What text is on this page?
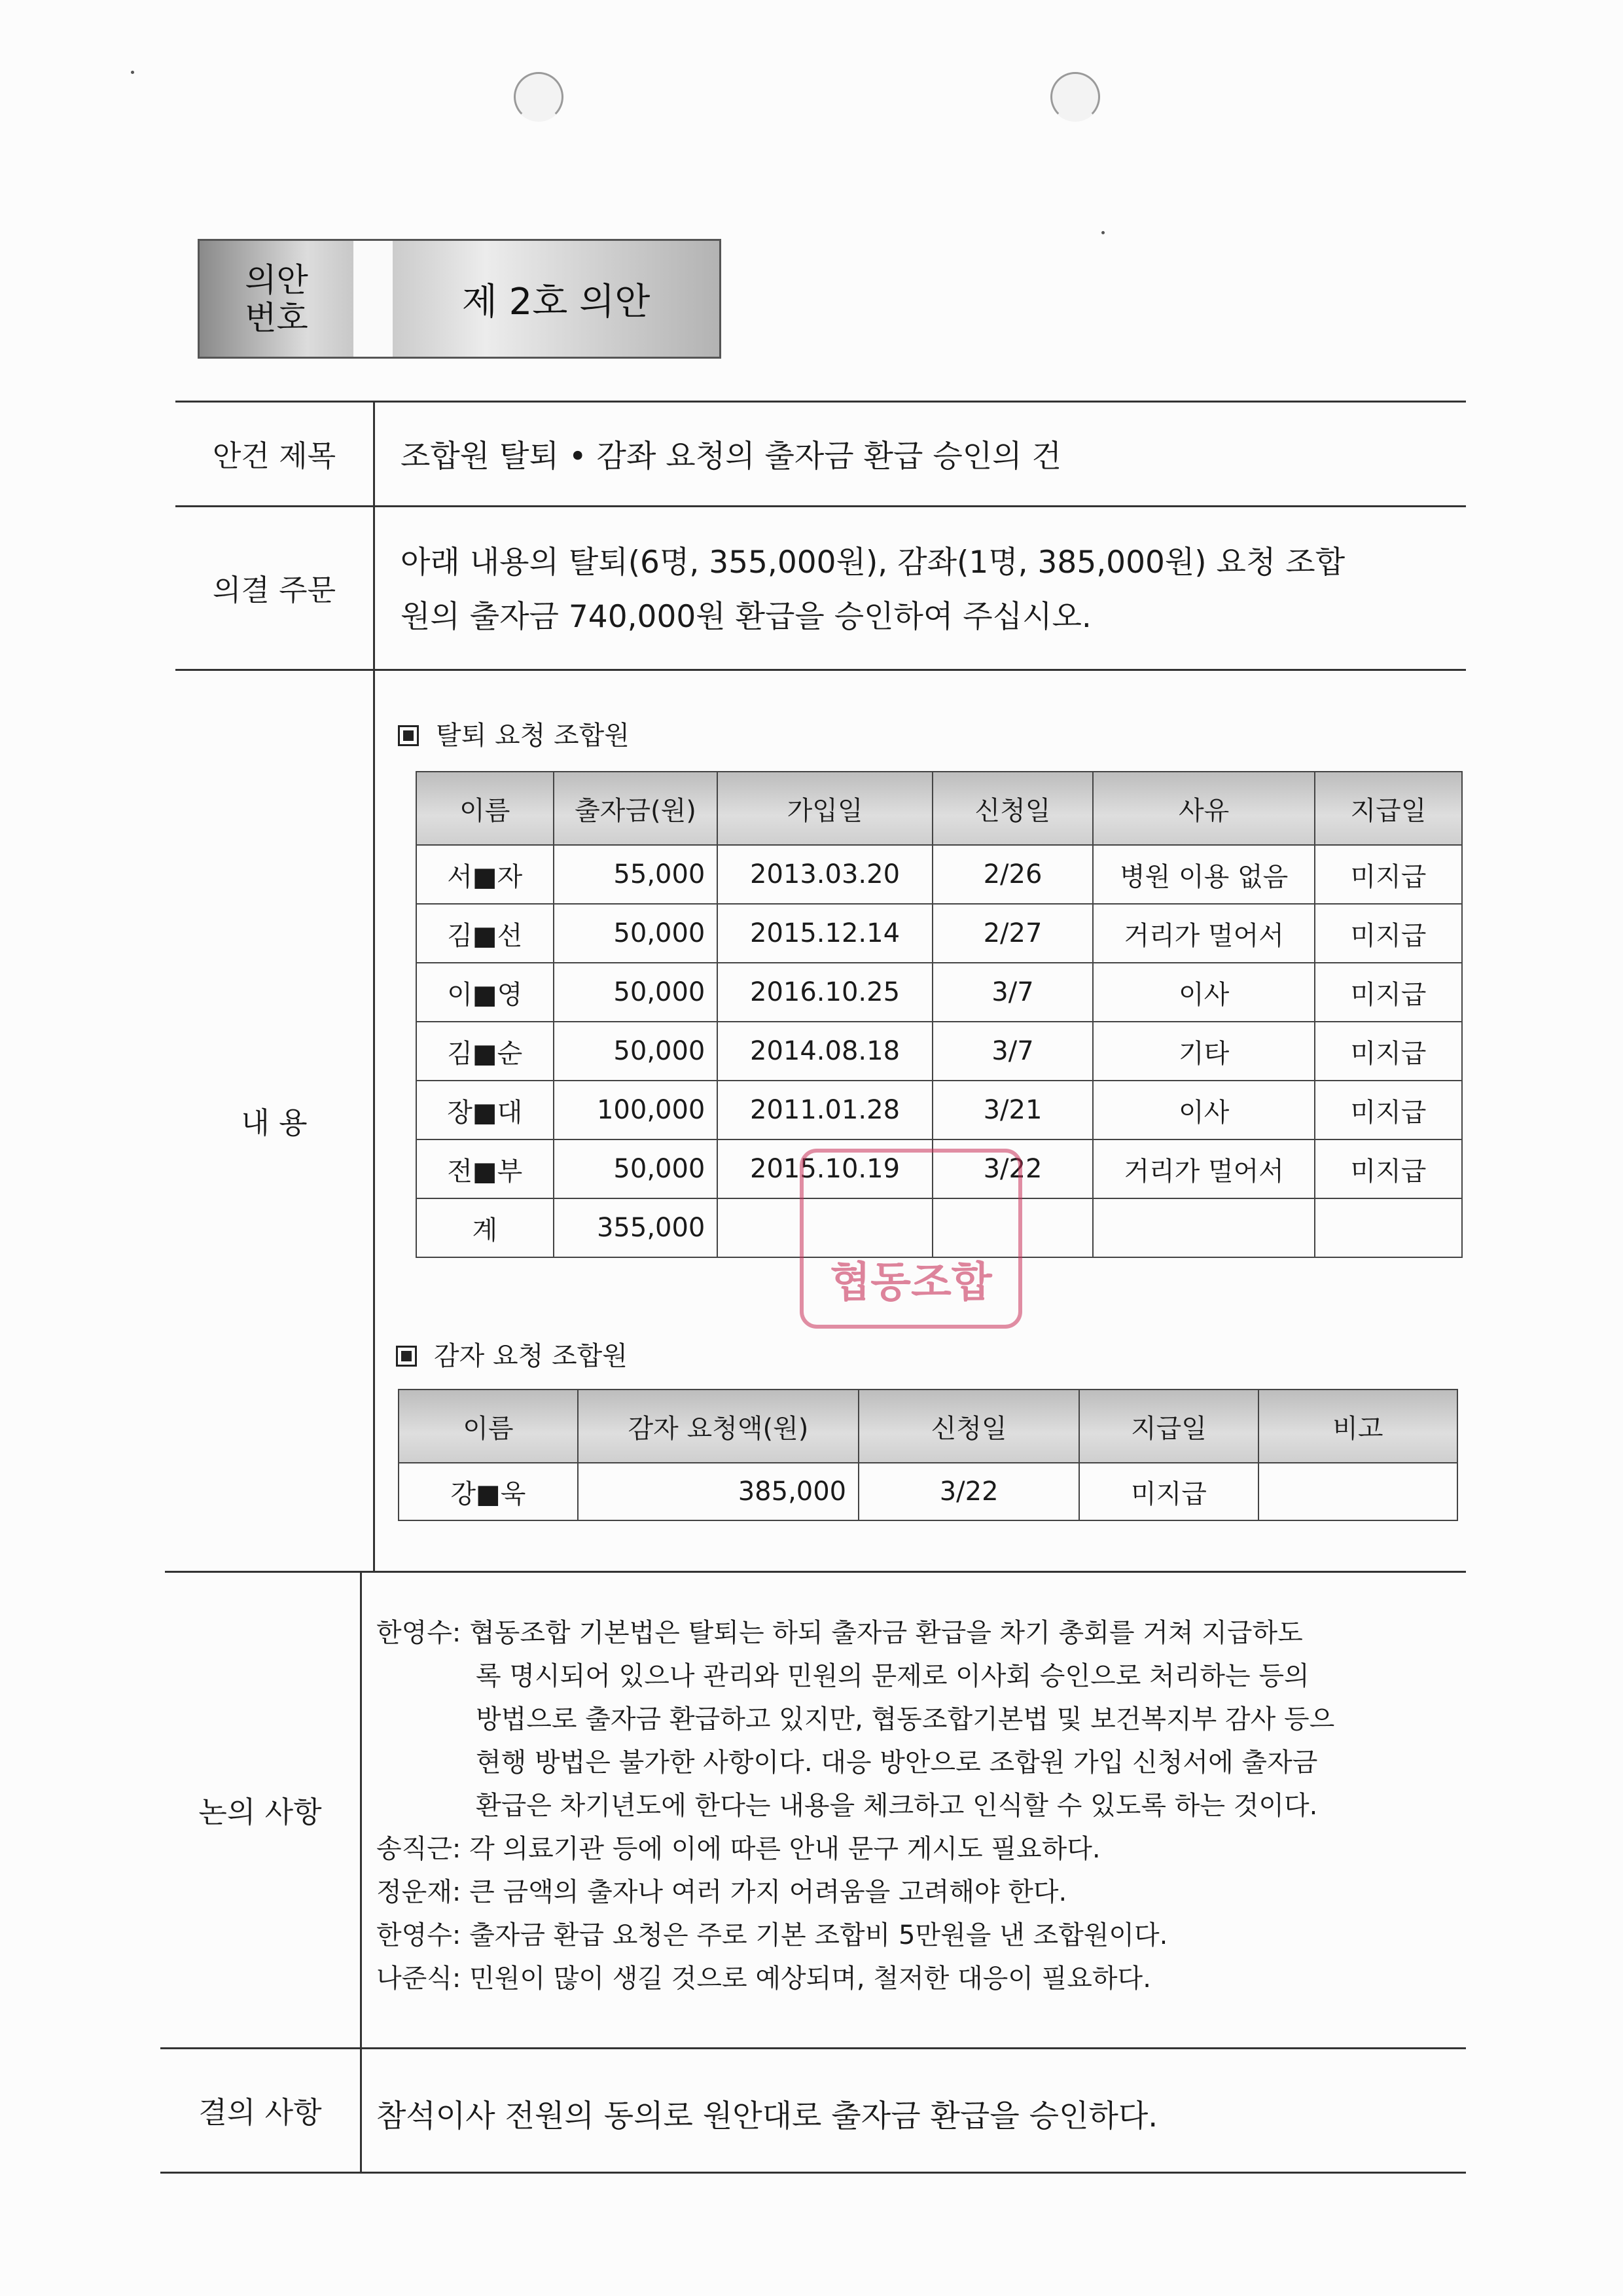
의안
번호	제 2호 의안
안건 제목	조합원 탈퇴 • 감좌 요청의 출자금 환급 승인의 건
의결 주문
아래 내용의 탈퇴(6명, 355,000원), 감좌(1명, 385,000원) 요청 조합
원의 출자금 740,000원 환급을 승인하여 주십시오.
내 용
탈퇴 요청 조합원
이름	출자금(원)	가입일	신청일	사유	지급일
서■자	55,000	2013.03.20	2/26	병원 이용 없음	미지급
김■선	50,000	2015.12.14	2/27	거리가 멀어서	미지급
이■영	50,000	2016.10.25	3/7	이사	미지급
김■순	50,000	2014.08.18	3/7	기타	미지급
장■대	100,000	2011.01.28	3/21	이사	미지급
전■부	50,000	2015.10.19	3/22	거리가 멀어서	미지급
계	355,000				
협동조합
감자 요청 조합원
이름	감자 요청액(원)	신청일	지급일	비고
강■욱	385,000	3/22	미지급	
논의 사항
한영수: 협동조합 기본법은 탈퇴는 하되 출자금 환급을 차기 총회를 거쳐 지급하도
록 명시되어 있으나 관리와 민원의 문제로 이사회 승인으로 처리하는 등의
방법으로 출자금 환급하고 있지만, 협동조합기본법 및 보건복지부 감사 등으
현행 방법은 불가한 사항이다. 대응 방안으로 조합원 가입 신청서에 출자금
환급은 차기년도에 한다는 내용을 체크하고 인식할 수 있도록 하는 것이다.
송직근: 각 의료기관 등에 이에 따른 안내 문구 게시도 필요하다.
정운재: 큰 금액의 출자나 여러 가지 어려움을 고려해야 한다.
한영수: 출자금 환급 요청은 주로 기본 조합비 5만원을 낸 조합원이다.
나준식: 민원이 많이 생길 것으로 예상되며, 철저한 대응이 필요하다.
결의 사항	참석이사 전원의 동의로 원안대로 출자금 환급을 승인하다.
